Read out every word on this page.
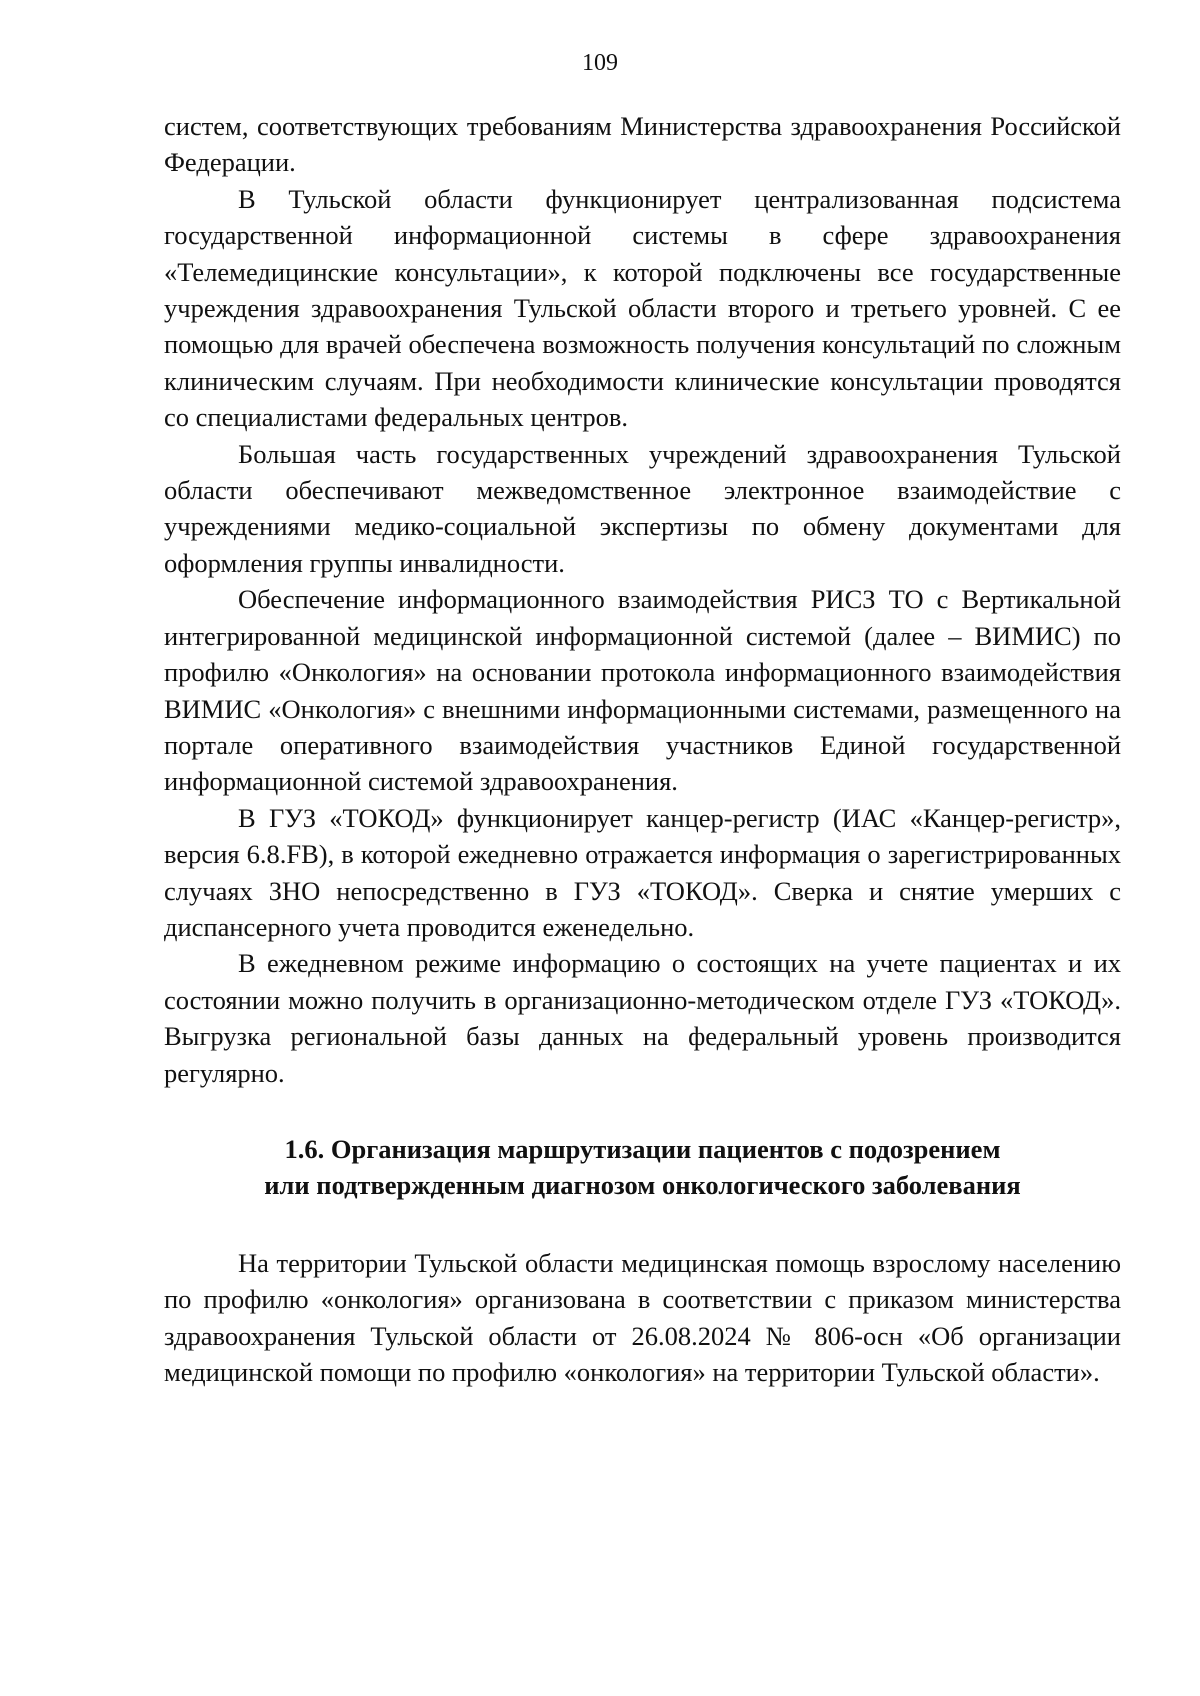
109

систем, соответствующих требованиям Министерства здравоохранения Российской Федерации.

В Тульской области функционирует централизованная подсистема государственной информационной системы в сфере здравоохранения «Телемедицинские консультации», к которой подключены все государственные учреждения здравоохранения Тульской области второго и третьего уровней. С ее помощью для врачей обеспечена возможность получения консультаций по сложным клиническим случаям. При необходимости клинические консультации проводятся со специалистами федеральных центров.

Большая часть государственных учреждений здравоохранения Тульской области обеспечивают межведомственное электронное взаимодействие с учреждениями медико-социальной экспертизы по обмену документами для оформления группы инвалидности.

Обеспечение информационного взаимодействия РИСЗ ТО с Вертикальной интегрированной медицинской информационной системой (далее – ВИМИС) по профилю «Онкология» на основании протокола информационного взаимодействия ВИМИС «Онкология» с внешними информационными системами, размещенного на портале оперативного взаимодействия участников Единой государственной информационной системой здравоохранения.

В ГУЗ «ТОКОД» функционирует канцер-регистр (ИАС «Канцер-регистр», версия 6.8.FB), в которой ежедневно отражается информация о зарегистрированных случаях ЗНО непосредственно в ГУЗ «ТОКОД». Сверка и снятие умерших с диспансерного учета проводится еженедельно.

В ежедневном режиме информацию о состоящих на учете пациентах и их состоянии можно получить в организационно-методическом отделе ГУЗ «ТОКОД». Выгрузка региональной базы данных на федеральный уровень производится регулярно.

1.6. Организация маршрутизации пациентов с подозрением
или подтвержденным диагнозом онкологического заболевания

На территории Тульской области медицинская помощь взрослому населению по профилю «онкология» организована в соответствии с приказом министерства здравоохранения Тульской области от 26.08.2024 № 806-осн «Об организации медицинской помощи по профилю «онкология» на территории Тульской области».
